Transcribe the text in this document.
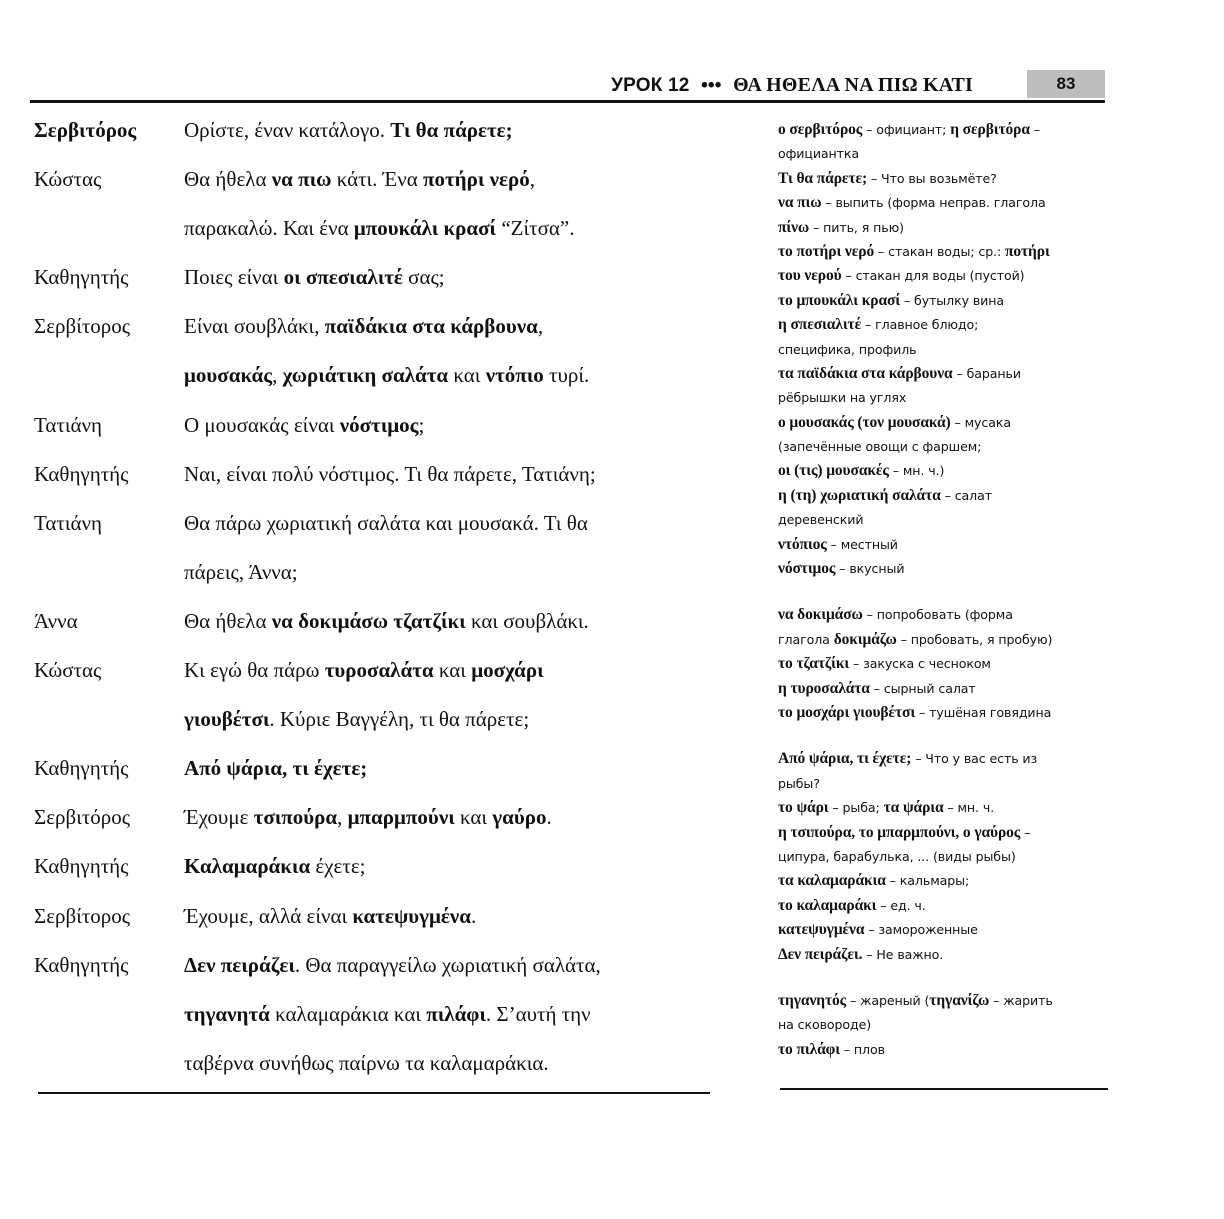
УРОК 12 ••• ΘΑ ΗΘΕΛΑ ΝΑ ΠΙΩ ΚΑΤΙ	83
Σερβιτόρος	Ορίστε, έναν κατάλογο. Τι θα πάρετε;
Κώστας	Θα ήθελα να πιω κάτι. Ένα ποτήρι νερό,
παρακαλώ. Και ένα μπουκάλι κρασί “Ζίτσα”.
Καθηγητής	Ποιες είναι οι σπεσιαλιτέ σας;
Σερβίτορος	Είναι σουβλάκι, παϊδάκια στα κάρβουνα,
μουσακάς, χωριάτικη σαλάτα και ντόπιο τυρί.
Τατιάνη	Ο μουσακάς είναι νόστιμος;
Καθηγητής	Ναι, είναι πολύ νόστιμος. Τι θα πάρετε, Τατιάνη;
Τατιάνη	Θα πάρω χωριατική σαλάτα και μουσακά. Τι θα
πάρεις, Άννα;
Άννα	Θα ήθελα να δοκιμάσω τζατζίκι και σουβλάκι.
Κώστας	Κι εγώ θα πάρω τυροσαλάτα και μοσχάρι
γιουβέτσι. Κύριε Βαγγέλη, τι θα πάρετε;
Καθηγητής	Από ψάρια, τι έχετε;
Σερβιτόρος	Έχουμε τσιπούρα, μπαρμπούνι και γαύρο.
Καθηγητής	Καλαμαράκια έχετε;
Σερβίτορος	Έχουμε, αλλά είναι κατεψυγμένα.
Καθηγητής	Δεν πειράζει. Θα παραγγείλω χωριατική σαλάτα,
τηγανητά καλαμαράκια και πιλάφι. Σ’αυτή την
ταβέρνα συνήθως παίρνω τα καλαμαράκια.
ο σερβιτόρος – официант; η σερβιτόρα –
официантка
Τι θα πάρετε; – Что вы возьмёте?
να πιω – выпить (форма неправ. глагола
πίνω – пить, я пью)
το ποτήρι νερό – стакан воды; ср.: ποτήρι
του νερού – стакан для воды (пустой)
το μπουκάλι κρασί – бутылку вина
η σπεσιαλιτέ – главное блюдо;
специфика, профиль
τα παϊδάκια στα κάρβουνα – бараньи
рёбрышки на углях
ο μουσακάς (τον μουσακά) – мусака
(запечённые овощи с фаршем;
οι (τις) μουσακές – мн. ч.)
η (τη) χωριατική σαλάτα – салат
деревенский
ντόπιος – местный
νόστιμος – вкусный
να δοκιμάσω – попробовать (форма
глагола δοκιμάζω – пробовать, я пробую)
το τζατζίκι – закуска с чесноком
η τυροσαλάτα – сырный салат
το μοσχάρι γιουβέτσι – тушёная говядина
Από ψάρια, τι έχετε; – Что у вас есть из
рыбы?
το ψάρι – рыба; τα ψάρια – мн. ч.
η τσιπούρα, το μπαρμπούνι, ο γαύρος –
ципура, барабулька, ... (виды рыбы)
τα καλαμαράκια – кальмары;
το καλαμαράκι – ед. ч.
κατεψυγμένα – замороженные
Δεν πειράζει. – Не важно.
τηγανητός – жареный (τηγανίζω – жарить
на сковороде)
το πιλάφι – плов
